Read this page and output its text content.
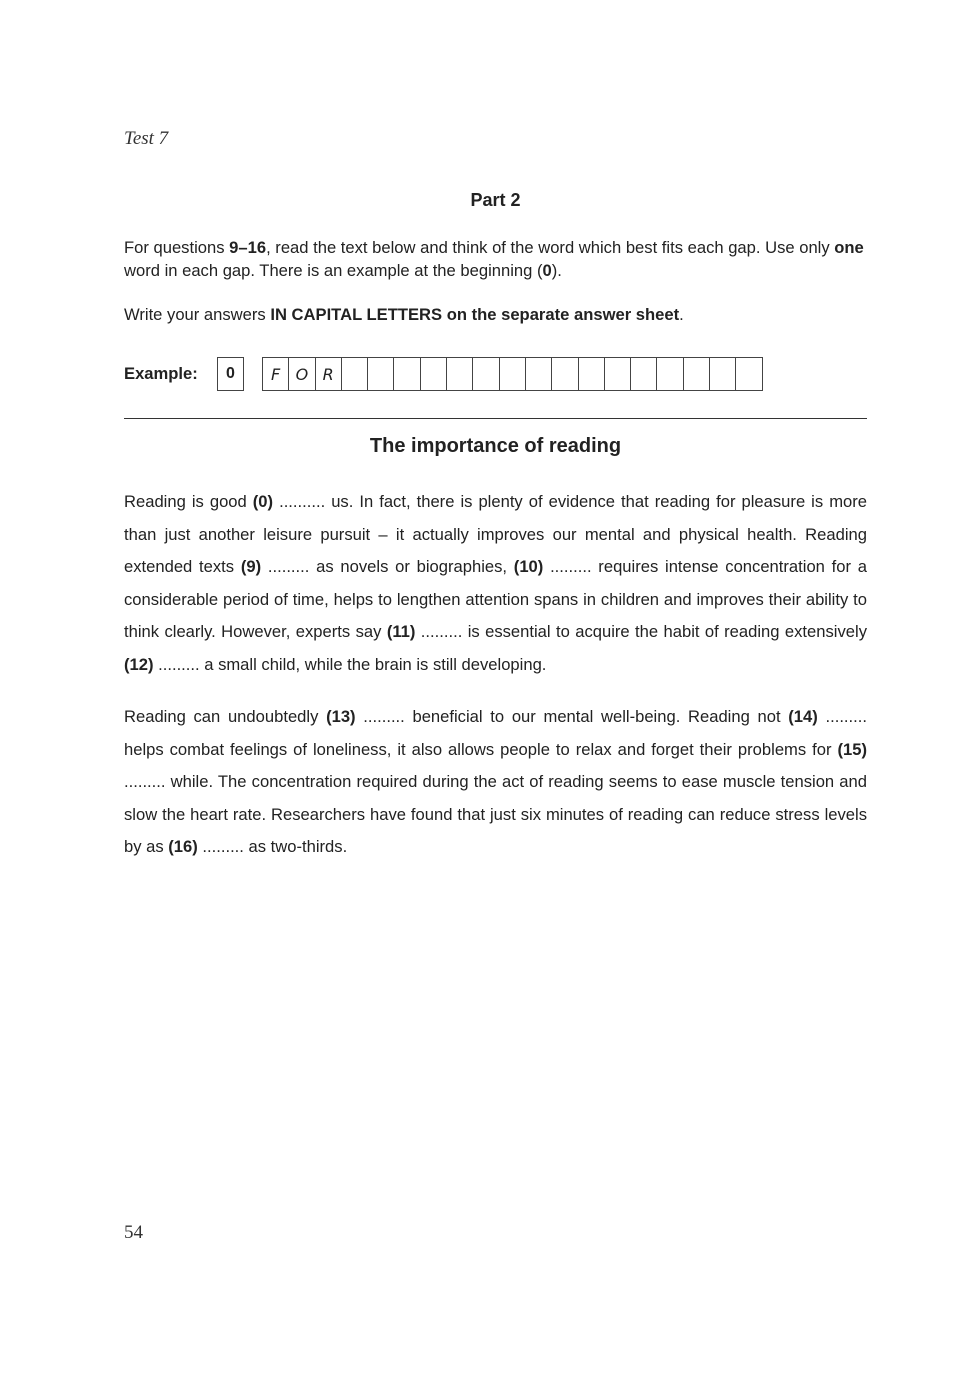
Test 7
Part 2
For questions 9–16, read the text below and think of the word which best fits each gap. Use only one word in each gap. There is an example at the beginning (0).
Write your answers IN CAPITAL LETTERS on the separate answer sheet.
Example:	0	F O R
The importance of reading
Reading is good (0) .......... us. In fact, there is plenty of evidence that reading for pleasure is more than just another leisure pursuit – it actually improves our mental and physical health. Reading extended texts (9) ......... as novels or biographies, (10) ......... requires intense concentration for a considerable period of time, helps to lengthen attention spans in children and improves their ability to think clearly. However, experts say (11) ......... is essential to acquire the habit of reading extensively (12) ......... a small child, while the brain is still developing.
Reading can undoubtedly (13) ......... beneficial to our mental well-being. Reading not (14) ......... helps combat feelings of loneliness, it also allows people to relax and forget their problems for (15) ......... while. The concentration required during the act of reading seems to ease muscle tension and slow the heart rate. Researchers have found that just six minutes of reading can reduce stress levels by as (16) ......... as two-thirds.
54
